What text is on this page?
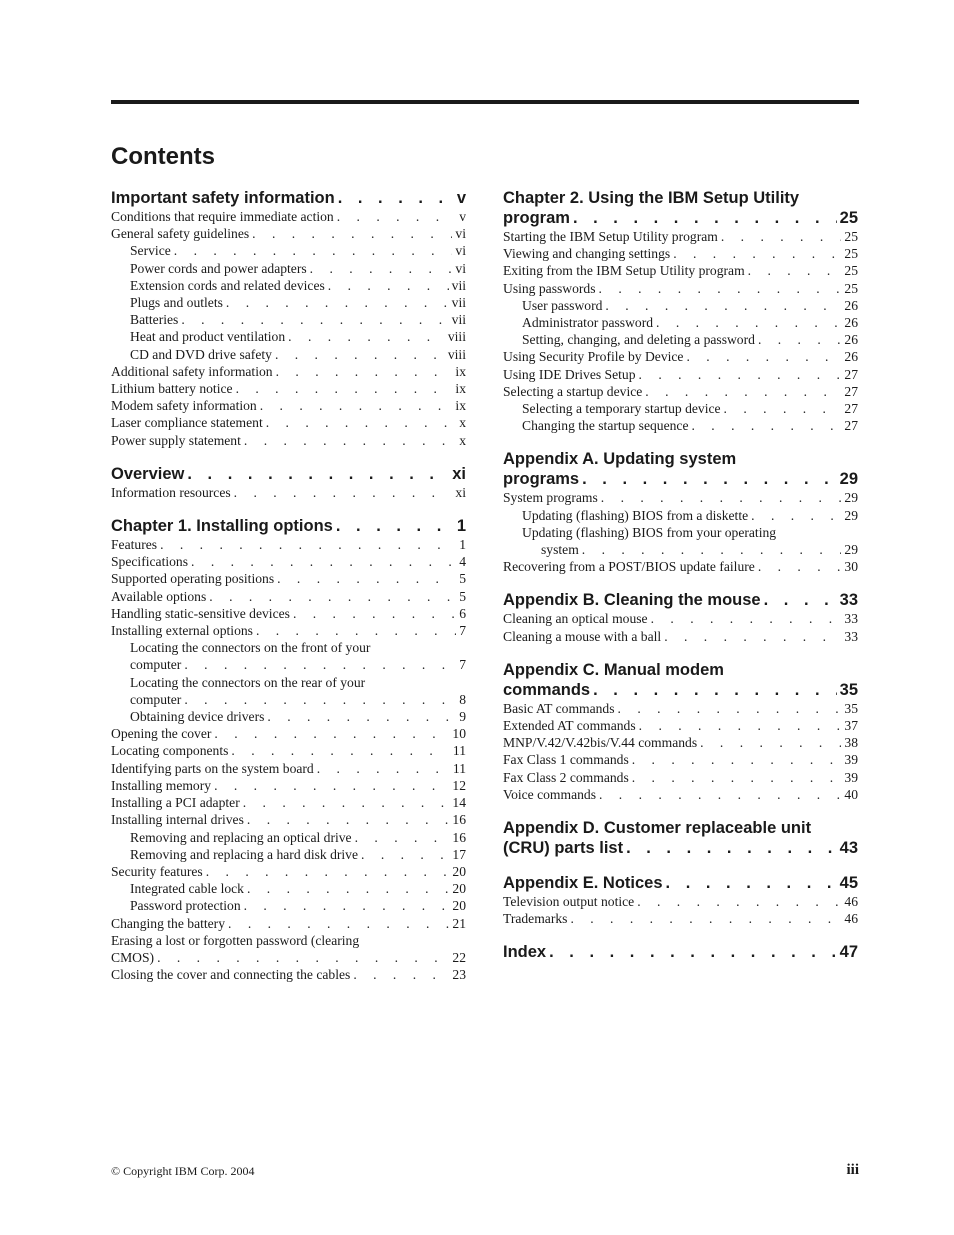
Contents
Important safety information . . .	v
Conditions that require immediate action . . .	v
General safety guidelines . . .	vi
Service . . .	vi
Power cords and power adapters . . .	vi
Extension cords and related devices . . .	vii
Plugs and outlets . . .	vii
Batteries . . .	vii
Heat and product ventilation . . .	viii
CD and DVD drive safety . . .	viii
Additional safety information . . .	ix
Lithium battery notice . . .	ix
Modem safety information . . .	ix
Laser compliance statement . . .	x
Power supply statement . . .	x
Overview . . .	xi
Information resources . . .	xi
Chapter 1. Installing options . . .	1
Features . . .	1
Specifications . . .	4
Supported operating positions . . .	5
Available options . . .	5
Handling static-sensitive devices . . .	6
Installing external options . . .	7
Locating the connectors on the front of your
computer . . .	7
Locating the connectors on the rear of your
computer . . .	8
Obtaining device drivers . . .	9
Opening the cover . . .	10
Locating components . . .	11
Identifying parts on the system board . . .	11
Installing memory . . .	12
Installing a PCI adapter . . .	14
Installing internal drives . . .	16
Removing and replacing an optical drive . . .	16
Removing and replacing a hard disk drive . . .	17
Security features . . .	20
Integrated cable lock . . .	20
Password protection . . .	20
Changing the battery . . .	21
Erasing a lost or forgotten password (clearing
CMOS) . . .	22
Closing the cover and connecting the cables . . .	23
Chapter 2. Using the IBM Setup Utility
program . . .	25
Starting the IBM Setup Utility program . . .	25
Viewing and changing settings . . .	25
Exiting from the IBM Setup Utility program . . .	25
Using passwords . . .	25
User password . . .	26
Administrator password . . .	26
Setting, changing, and deleting a password . . .	26
Using Security Profile by Device . . .	26
Using IDE Drives Setup . . .	27
Selecting a startup device . . .	27
Selecting a temporary startup device . . .	27
Changing the startup sequence . . .	27
Appendix A. Updating system
programs . . .	29
System programs . . .	29
Updating (flashing) BIOS from a diskette . . .	29
Updating (flashing) BIOS from your operating
system . . .	29
Recovering from a POST/BIOS update failure . . .	30
Appendix B. Cleaning the mouse . . .	33
Cleaning an optical mouse . . .	33
Cleaning a mouse with a ball . . .	33
Appendix C. Manual modem
commands . . .	35
Basic AT commands . . .	35
Extended AT commands . . .	37
MNP/V.42/V.42bis/V.44 commands . . .	38
Fax Class 1 commands . . .	39
Fax Class 2 commands . . .	39
Voice commands . . .	40
Appendix D. Customer replaceable unit
(CRU) parts list . . .	43
Appendix E. Notices . . .	45
Television output notice . . .	46
Trademarks . . .	46
Index . . .	47
© Copyright IBM Corp. 2004	iii
